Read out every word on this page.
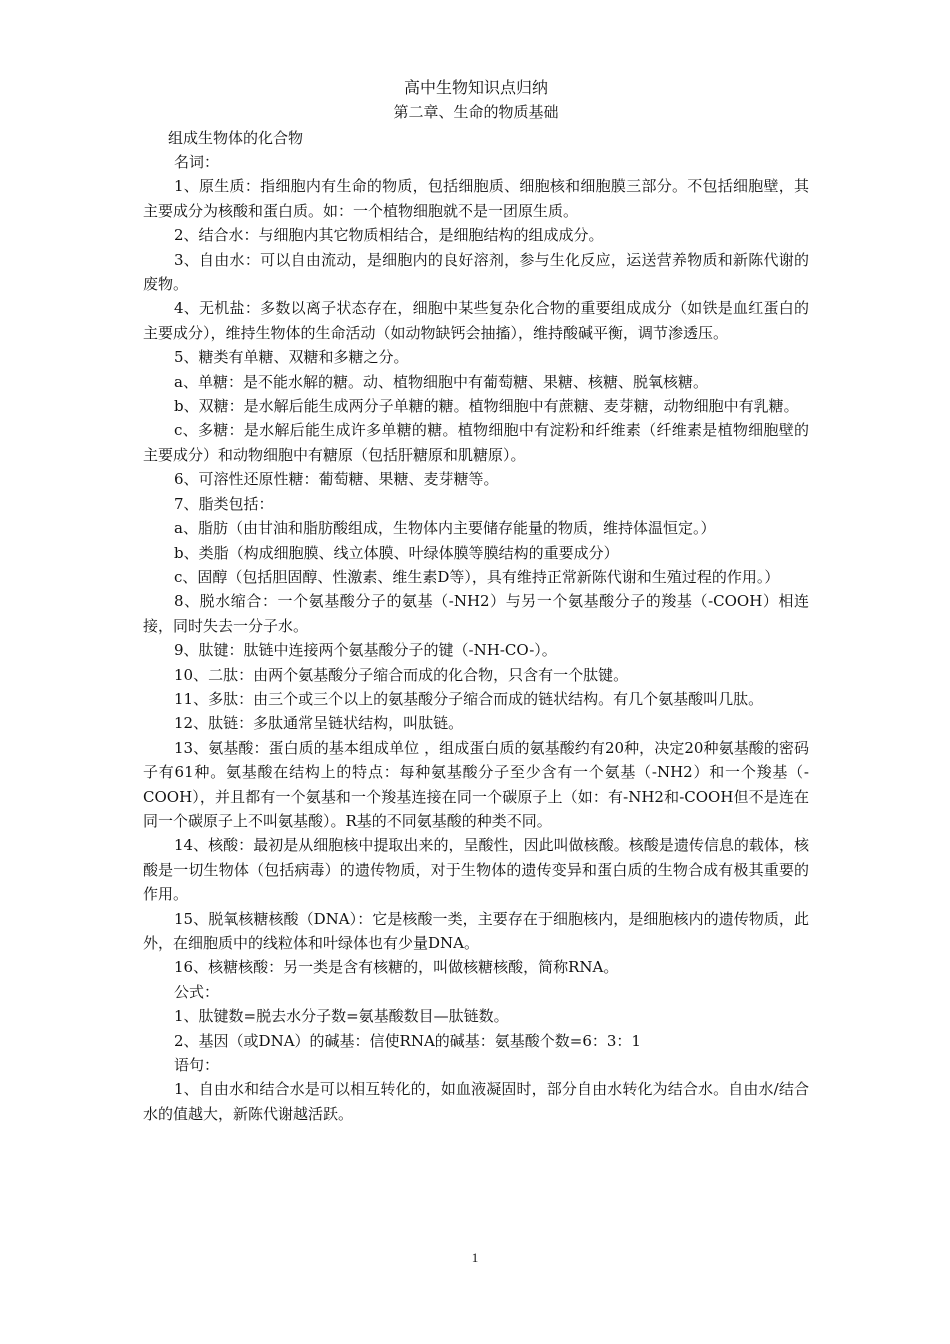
高中生物知识点归纳
第二章、生命的物质基础
组成生物体的化合物

名词：

1、原生质：指细胞内有生命的物质，包括细胞质、细胞核和细胞膜三部分。不包括细胞壁，其主要成分为核酸和蛋白质。如：一个植物细胞就不是一团原生质。

2、结合水：与细胞内其它物质相结合，是细胞结构的组成成分。

3、自由水：可以自由流动，是细胞内的良好溶剂，参与生化反应，运送营养物质和新陈代谢的废物。

4、无机盐：多数以离子状态存在，细胞中某些复杂化合物的重要组成成分（如铁是血红蛋白的主要成分），维持生物体的生命活动（如动物缺钙会抽搐），维持酸碱平衡，调节渗透压。

5、糖类有单糖、双糖和多糖之分。

a、单糖：是不能水解的糖。动、植物细胞中有葡萄糖、果糖、核糖、脱氧核糖。

b、双糖：是水解后能生成两分子单糖的糖。植物细胞中有蔗糖、麦芽糖，动物细胞中有乳糖。

c、多糖：是水解后能生成许多单糖的糖。植物细胞中有淀粉和纤维素（纤维素是植物细胞壁的主要成分）和动物细胞中有糖原（包括肝糖原和肌糖原）。

6、可溶性还原性糖：葡萄糖、果糖、麦芽糖等。

7、脂类包括：

a、脂肪（由甘油和脂肪酸组成，生物体内主要储存能量的物质，维持体温恒定。）

b、类脂（构成细胞膜、线立体膜、叶绿体膜等膜结构的重要成分）

c、固醇（包括胆固醇、性激素、维生素D等），具有维持正常新陈代谢和生殖过程的作用。）

8、脱水缩合：一个氨基酸分子的氨基（-NH2）与另一个氨基酸分子的羧基（-COOH）相连接，同时失去一分子水。

9、肽键：肽链中连接两个氨基酸分子的键（-NH-CO-）。

10、二肽：由两个氨基酸分子缩合而成的化合物，只含有一个肽键。

11、多肽：由三个或三个以上的氨基酸分子缩合而成的链状结构。有几个氨基酸叫几肽。

12、肽链：多肽通常呈链状结构，叫肽链。

13、氨基酸：蛋白质的基本组成单位 ，组成蛋白质的氨基酸约有20种，决定20种氨基酸的密码子有61种。氨基酸在结构上的特点：每种氨基酸分子至少含有一个氨基（-NH2）和一个羧基（-COOH），并且都有一个氨基和一个羧基连接在同一个碳原子上（如：有-NH2和-COOH但不是连在同一个碳原子上不叫氨基酸）。R基的不同氨基酸的种类不同。

14、核酸：最初是从细胞核中提取出来的，呈酸性，因此叫做核酸。核酸是遗传信息的载体，核酸是一切生物体（包括病毒）的遗传物质，对于生物体的遗传变异和蛋白质的生物合成有极其重要的作用。

15、脱氧核糖核酸（DNA）：它是核酸一类，主要存在于细胞核内，是细胞核内的遗传物质，此外，在细胞质中的线粒体和叶绿体也有少量DNA。

16、核糖核酸：另一类是含有核糖的，叫做核糖核酸，简称RNA。

公式：

1、肽键数=脱去水分子数=氨基酸数目—肽链数。

2、基因（或DNA）的碱基：信使RNA的碱基：氨基酸个数=6：3：1

语句：

1、自由水和结合水是可以相互转化的，如血液凝固时，部分自由水转化为结合水。自由水/结合水的值越大，新陈代谢越活跃。

1
